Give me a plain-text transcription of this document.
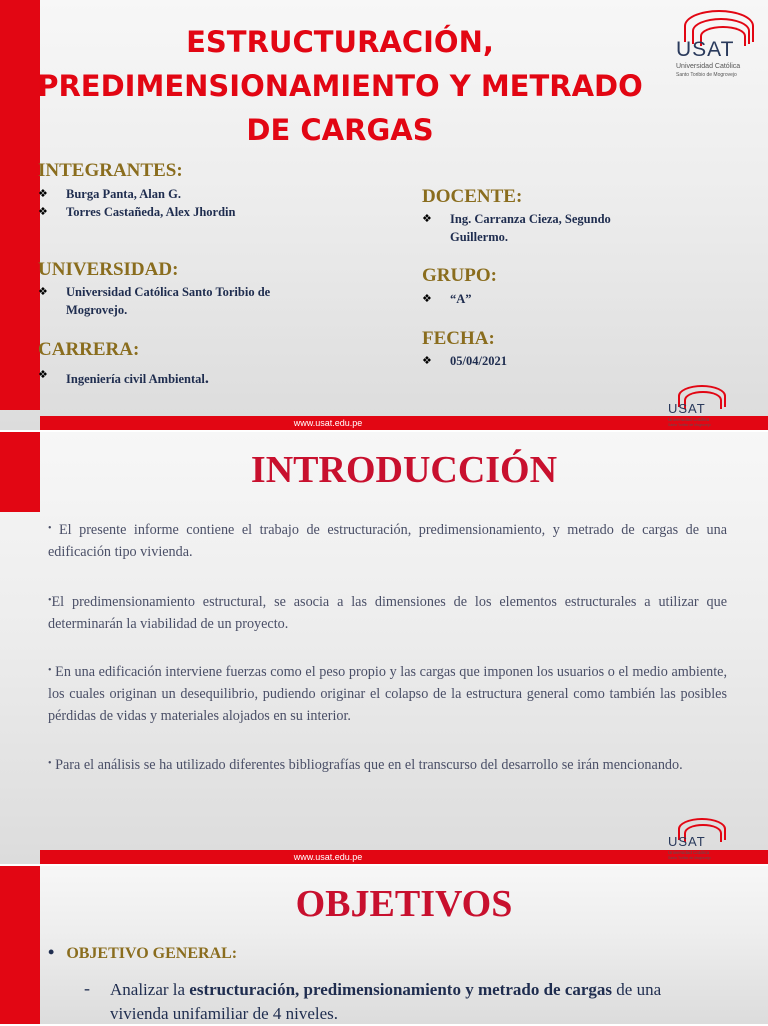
ESTRUCTURACIÓN,
PREDIMENSIONAMIENTO Y METRADO
DE CARGAS
USAT
Universidad Católica
Santo Toribio de Mogrovejo
INTEGRANTES:
❖ Burga Panta, Alan G.
❖ Torres Castañeda, Alex Jhordin
UNIVERSIDAD:
❖ Universidad Católica Santo Toribio de
Mogrovejo.
CARRERA:
❖ Ingeniería civil Ambiental.
DOCENTE:
❖ Ing. Carranza Cieza, Segundo
Guillermo.
GRUPO:
❖ “A”
FECHA:
❖ 05/04/2021
www.usat.edu.pe
www.usat.edu.pe
USAT
Universidad Católica
Santo Toribio de Mogrovejo
USAT
Universidad Católica
Santo Toribio de Mogrovejo
INTRODUCCIÓN

• El presente informe contiene el trabajo de estructuración, predimensionamiento, y metrado de cargas de una edificación tipo vivienda.

•El predimensionamiento estructural, se asocia a las dimensiones de los elementos estructurales a utilizar que determinarán la viabilidad de un proyecto.

• En una edificación interviene fuerzas como el peso propio y las cargas que imponen los usuarios o el medio ambiente, los cuales originan un desequilibrio, pudiendo originar el colapso de la estructura general como también las posibles pérdidas de vidas y materiales alojados en su interior.

• Para el análisis se ha utilizado diferentes bibliografías que en el transcurso del desarrollo se irán mencionando.

OBJETIVOS

• OBJETIVO GENERAL:

- Analizar la estructuración, predimensionamiento y metrado de cargas de una vivienda unifamiliar de 4 niveles.
